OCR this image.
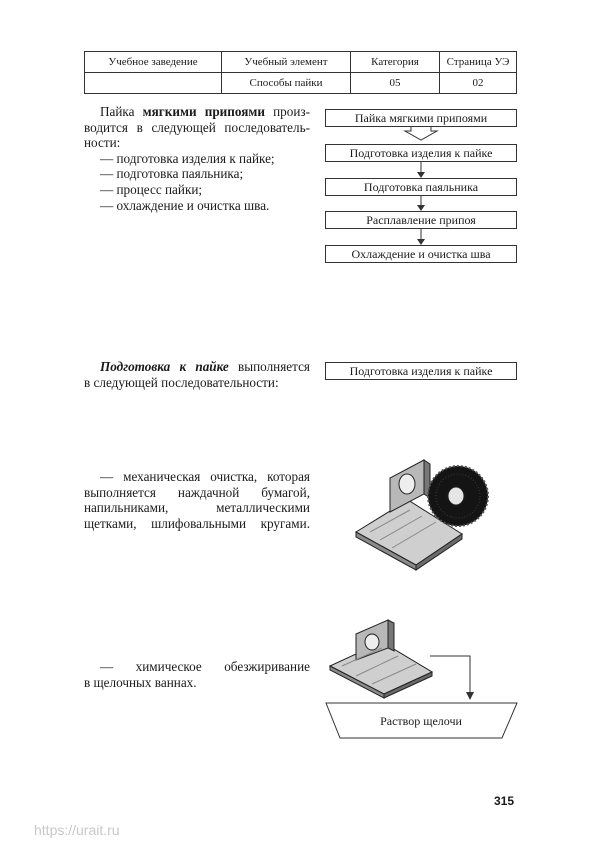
Учебное заведение	Учебный элемент	Категория	Страница УЭ
	Способы пайки	05	02
Пайка мягкими припоями произ-
водится в следующей последователь-
ности:
— подготовка изделия к пайке;
— подготовка паяльника;
— процесс пайки;
— охлаждение и очистка шва.
Пайка мягкими припоями
Подготовка изделия к пайке
Подготовка паяльника
Расплавление припоя
Охлаждение и очистка шва
Подготовка к пайке выполняется
в следующей последовательности:
Подготовка изделия к пайке
— механическая очистка, которая
выполняется наждачной бумагой,
напильниками, металлическими
щетками, шлифовальными кругами.
— химическое обезжиривание
в щелочных ваннах.
Раствор щелочи
315
https://urait.ru
